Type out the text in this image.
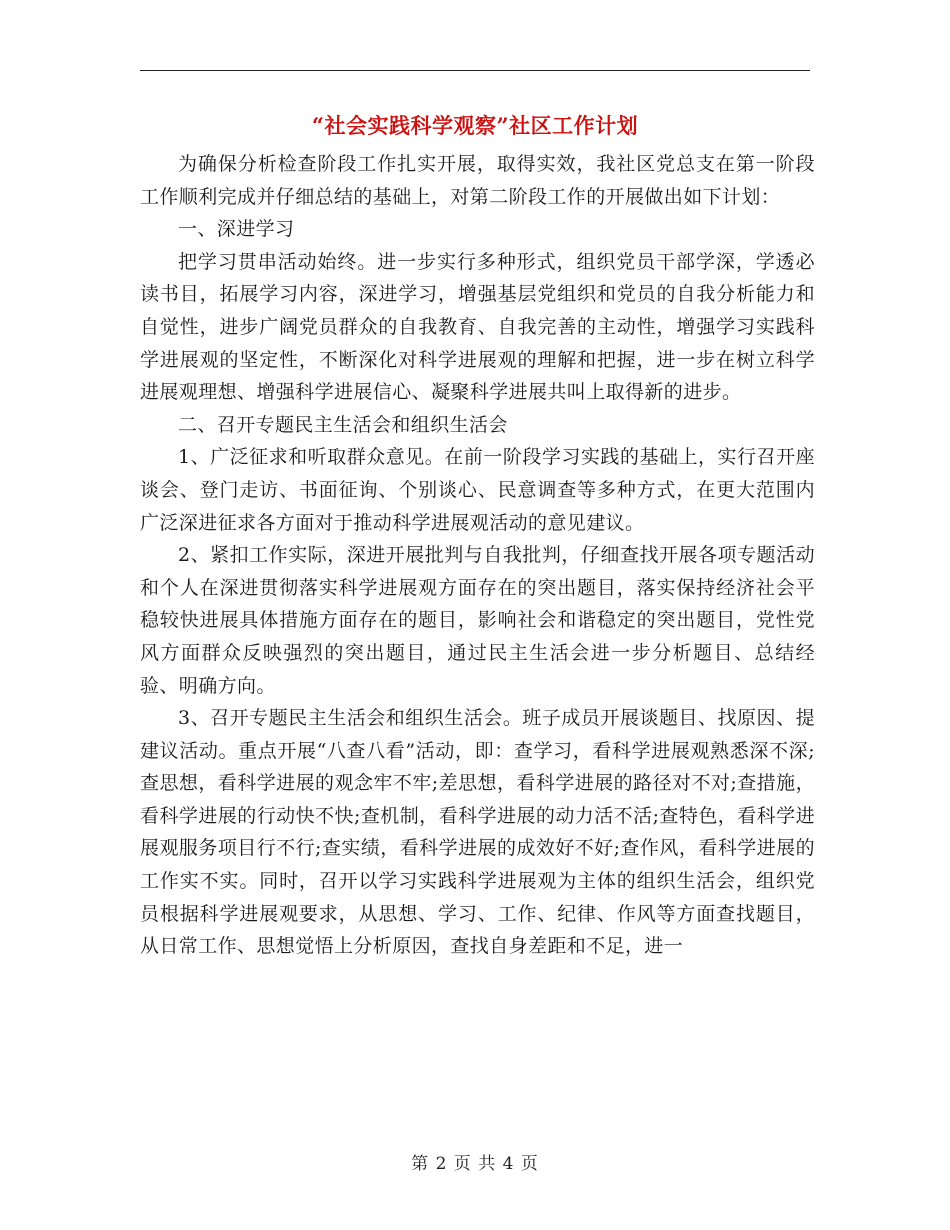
“社会实践科学观察”社区工作计划

为确保分析检查阶段工作扎实开展，取得实效，我社区党总支在第一阶段工作顺利完成并仔细总结的基础上，对第二阶段工作的开展做出如下计划：

一、深进学习

把学习贯串活动始终。进一步实行多种形式，组织党员干部学深，学透必读书目，拓展学习内容，深进学习，增强基层党组织和党员的自我分析能力和自觉性，进步广阔党员群众的自我教育、自我完善的主动性，增强学习实践科学进展观的坚定性，不断深化对科学进展观的理解和把握，进一步在树立科学进展观理想、增强科学进展信心、凝聚科学进展共叫上取得新的进步。

二、召开专题民主生活会和组织生活会

1、广泛征求和听取群众意见。在前一阶段学习实践的基础上，实行召开座谈会、登门走访、书面征询、个别谈心、民意调查等多种方式，在更大范围内广泛深进征求各方面对于推动科学进展观活动的意见建议。

2、紧扣工作实际，深进开展批判与自我批判，仔细查找开展各项专题活动和个人在深进贯彻落实科学进展观方面存在的突出题目，落实保持经济社会平稳较快进展具体措施方面存在的题目，影响社会和谐稳定的突出题目，党性党风方面群众反映强烈的突出题目，通过民主生活会进一步分析题目、总结经验、明确方向。

3、召开专题民主生活会和组织生活会。班子成员开展谈题目、找原因、提建议活动。重点开展“八查八看”活动，即：查学习，看科学进展观熟悉深不深;查思想，看科学进展的观念牢不牢;差思想，看科学进展的路径对不对;查措施，看科学进展的行动快不快;查机制，看科学进展的动力活不活;查特色，看科学进展观服务项目行不行;查实绩，看科学进展的成效好不好;查作风，看科学进展的工作实不实。同时，召开以学习实践科学进展观为主体的组织生活会，组织党员根据科学进展观要求，从思想、学习、工作、纪律、作风等方面查找题目，从日常工作、思想觉悟上分析原因，查找自身差距和不足，进一

第 2 页 共 4 页
